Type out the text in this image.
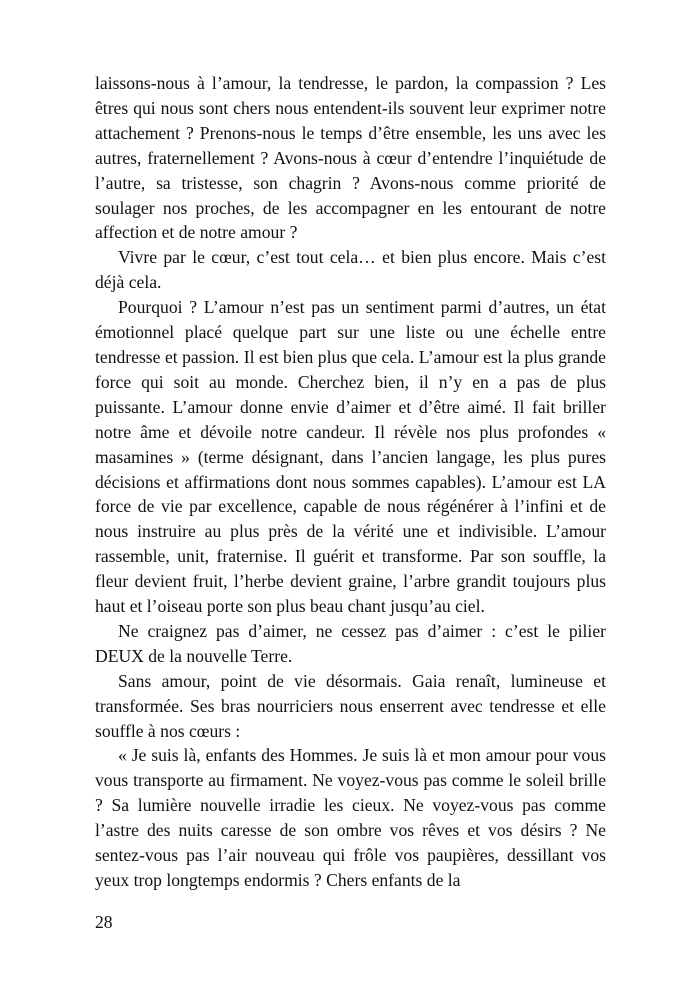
laissons-nous à l’amour, la tendresse, le pardon, la compassion ? Les êtres qui nous sont chers nous entendent-ils souvent leur exprimer notre attachement ? Prenons-nous le temps d’être ensemble, les uns avec les autres, fraternellement ? Avons-nous à cœur d’entendre l’inquiétude de l’autre, sa tristesse, son chagrin ? Avons-nous comme priorité de soulager nos proches, de les accompagner en les entourant de notre affection et de notre amour ?

Vivre par le cœur, c’est tout cela… et bien plus encore. Mais c’est déjà cela.

Pourquoi ? L’amour n’est pas un sentiment parmi d’autres, un état émotionnel placé quelque part sur une liste ou une échelle entre tendresse et passion. Il est bien plus que cela. L’amour est la plus grande force qui soit au monde. Cherchez bien, il n’y en a pas de plus puissante. L’amour donne envie d’aimer et d’être aimé. Il fait briller notre âme et dévoile notre candeur. Il révèle nos plus profondes « masamines » (terme désignant, dans l’ancien langage, les plus pures décisions et affirmations dont nous sommes capables). L’amour est LA force de vie par excellence, capable de nous régénérer à l’infini et de nous instruire au plus près de la vérité une et indivisible. L’amour rassemble, unit, fraternise. Il guérit et transforme. Par son souffle, la fleur devient fruit, l’herbe devient graine, l’arbre grandit toujours plus haut et l’oiseau porte son plus beau chant jusqu’au ciel.

Ne craignez pas d’aimer, ne cessez pas d’aimer : c’est le pilier DEUX de la nouvelle Terre.

Sans amour, point de vie désormais. Gaia renaît, lumineuse et transformée. Ses bras nourriciers nous enserrent avec tendresse et elle souffle à nos cœurs :

« Je suis là, enfants des Hommes. Je suis là et mon amour pour vous vous transporte au firmament. Ne voyez-vous pas comme le soleil brille ? Sa lumière nouvelle irradie les cieux. Ne voyez-vous pas comme l’astre des nuits caresse de son ombre vos rêves et vos désirs ? Ne sentez-vous pas l’air nouveau qui frôle vos paupières, dessillant vos yeux trop longtemps endormis ? Chers enfants de la

28
